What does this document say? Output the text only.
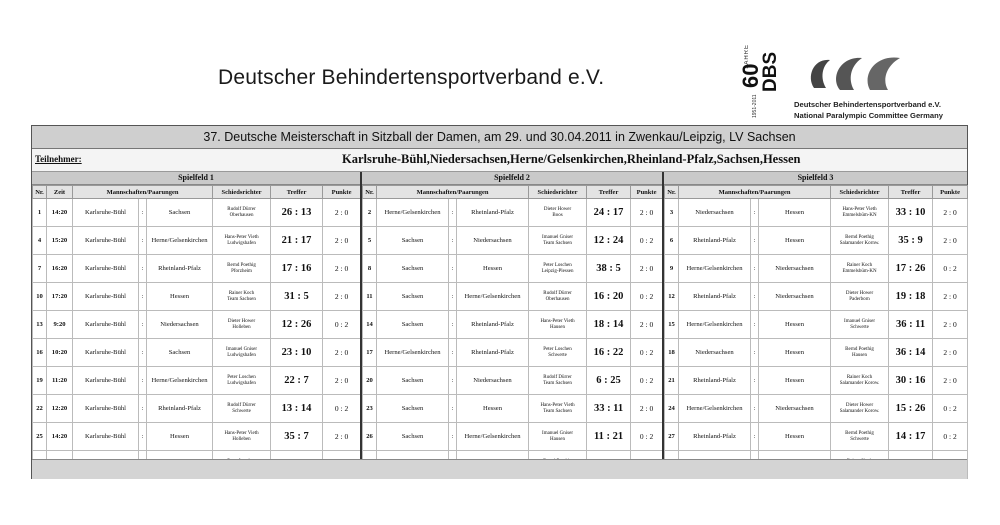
Deutscher Behindertensportverband e.V.
JAHRE
60
DBS
1951-2011	Deutscher Behindertensportverband e.V.
National Paralympic Committee Germany
37. Deutsche Meisterschaft in Sitzball der Damen, am 29. und 30.04.2011 in Zwenkau/Leipzig, LV Sachsen
Teilnehmer:	Karlsruhe-Bühl,Niedersachsen,Herne/Gelsenkirchen,Rheinland-Pfalz,Sachsen,Hessen
Spielfeld 1
Nr.	Zeit	Mannschaften/Paarungen			Schiedsrichter	Treffer	Punkte
1	14:20	Karlsruhe-Bühl	:	Sachsen	Rudolf Dürrer
Oberhausen	26 : 13	2 : 0
4	15:20	Karlsruhe-Bühl	:	Herne/Gelsenkirchen	Hans-Peter Vieth
Ludwigshafen	21 : 17	2 : 0
7	16:20	Karlsruhe-Bühl	:	Rheinland-Pfalz	Bernd Poethig
Pforzheim	17 : 16	2 : 0
10	17:20	Karlsruhe-Bühl	:	Hessen	Rainer Koch
Team Sachsen	31 : 5	2 : 0
13	9:20	Karlsruhe-Bühl	:	Niedersachsen	Dieter Hower
Holleben	12 : 26	0 : 2
16	10:20	Karlsruhe-Bühl	:	Sachsen	Imanuel Gniser
Ludwigshafen	23 : 10	2 : 0
19	11:20	Karlsruhe-Bühl	:	Herne/Gelsenkirchen	Peter Loschen
Ludwigshafen	22 : 7	2 : 0
22	12:20	Karlsruhe-Bühl	:	Rheinland-Pfalz	Rudolf Dürrer
Schwerte	13 : 14	0 : 2
25	14:20	Karlsruhe-Bühl	:	Hessen	Hans-Peter Vieth
Holleben	35 : 7	2 : 0

Spielfeld 2
Nr.	Mannschaften/Paarungen			Schiedsrichter	Treffer	Punkte
2	Herne/Gelsenkirchen	:	Rheinland-Pfalz	Dieter Hower
Boos	24 : 17	2 : 0
5	Sachsen	:	Niedersachsen	Imanuel Gniser
Team Sachsen	12 : 24	0 : 2
8	Sachsen	:	Hessen	Peter Loschen
Leipzig-Plessen	38 : 5	2 : 0
11	Sachsen	:	Herne/Gelsenkirchen	Rudolf Dürrer
Oberhausen	16 : 20	0 : 2
14	Sachsen	:	Rheinland-Pfalz	Hans-Peter Vieth
Hausen	18 : 14	2 : 0
17	Herne/Gelsenkirchen	:	Rheinland-Pfalz	Peter Loschen
Schwerte	16 : 22	0 : 2
20	Sachsen	:	Niedersachsen	Rudolf Dürrer
Team Sachsen	6 : 25	0 : 2
23	Sachsen	:	Hessen	Hans-Peter Vieth
Team Sachsen	33 : 11	2 : 0
26	Sachsen	:	Herne/Gelsenkirchen	Imanuel Gniser
Hausen	11 : 21	0 : 2

Spielfeld 3
Nr.	Mannschaften/Paarungen			Schiedsrichter	Treffer	Punkte
3	Niedersachsen	:	Hessen	Hans-Peter Vieth
Emmelsbüm-KN	33 : 10	2 : 0
6	Rheinland-Pfalz	:	Hessen	Bernd Poethig
Salamander Kornw.	35 : 9	2 : 0
9	Herne/Gelsenkirchen	:	Niedersachsen	Rainer Koch
Emmelsbüm-KN	17 : 26	0 : 2
12	Rheinland-Pfalz	:	Niedersachsen	Dieter Hower
Paderborn	19 : 18	2 : 0
15	Herne/Gelsenkirchen	:	Hessen	Imanuel Gniser
Schwerte	36 : 11	2 : 0
18	Niedersachsen	:	Hessen	Bernd Poethig
Hausen	36 : 14	2 : 0
21	Rheinland-Pfalz	:	Hessen	Rainer Koch
Salamander Korow.	30 : 16	2 : 0
24	Herne/Gelsenkirchen	:	Niedersachsen	Dieter Hower
Salamander Korow.	15 : 26	0 : 2
27	Rheinland-Pfalz	:	Hessen	Bernd Poethig
Schwerte	14 : 17	0 : 2
